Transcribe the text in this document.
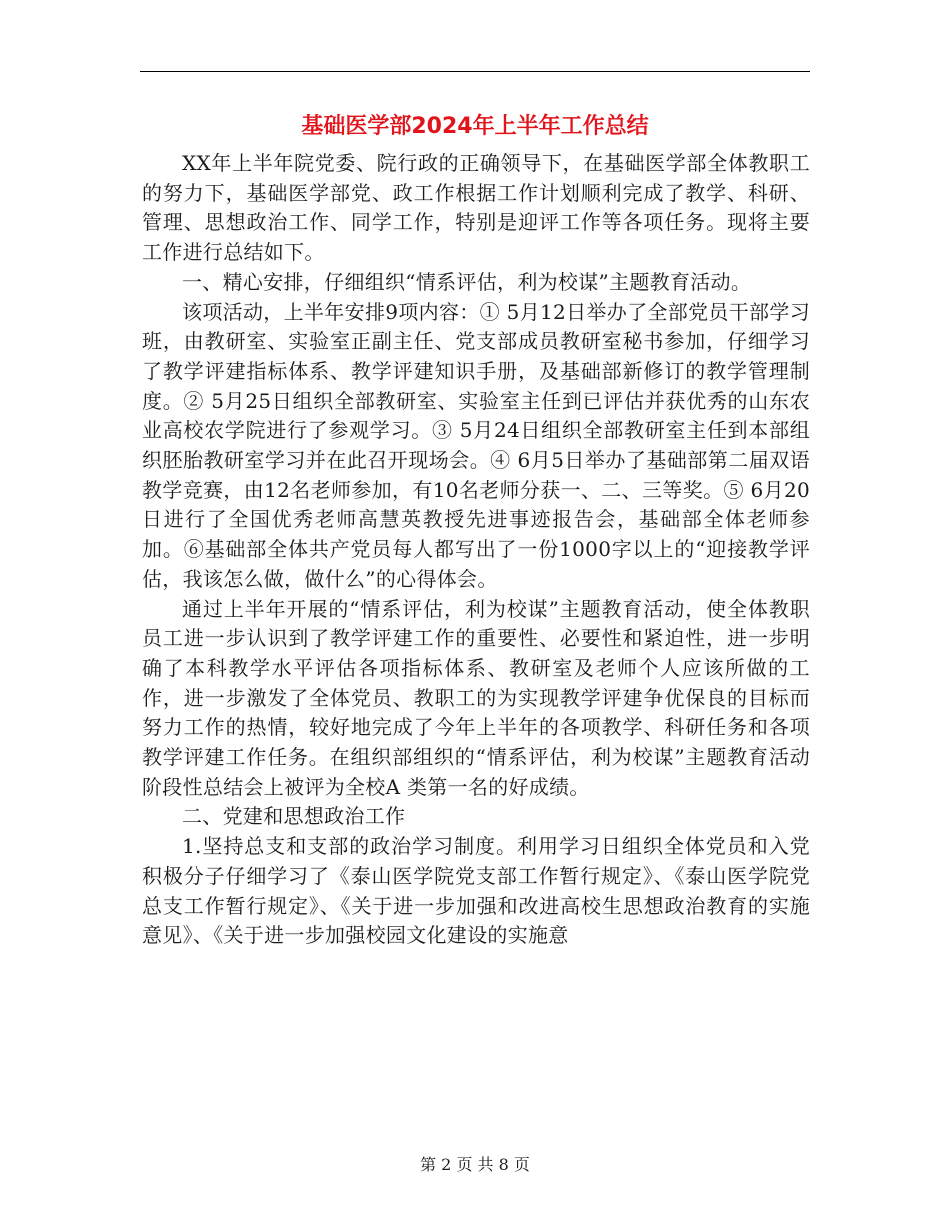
基础医学部2024年上半年工作总结

XX年上半年院党委、院行政的正确领导下，在基础医学部全体教职工的努力下，基础医学部党、政工作根据工作计划顺利完成了教学、科研、管理、思想政治工作、同学工作，特别是迎评工作等各项任务。现将主要工作进行总结如下。

一、精心安排，仔细组织“情系评估，利为校谋”主题教育活动。

该项活动，上半年安排9项内容：① 5月12日举办了全部党员干部学习班，由教研室、实验室正副主任、党支部成员教研室秘书参加，仔细学习了教学评建指标体系、教学评建知识手册，及基础部新修订的教学管理制度。② 5月25日组织全部教研室、实验室主任到已评估并获优秀的山东农业高校农学院进行了参观学习。③ 5月24日组织全部教研室主任到本部组织胚胎教研室学习并在此召开现场会。④ 6月5日举办了基础部第二届双语教学竞赛，由12名老师参加，有10名老师分获一、二、三等奖。⑤ 6月20日进行了全国优秀老师高慧英教授先进事迹报告会，基础部全体老师参加。⑥基础部全体共产党员每人都写出了一份1000字以上的“迎接教学评估，我该怎么做，做什么”的心得体会。

通过上半年开展的“情系评估，利为校谋”主题教育活动，使全体教职员工进一步认识到了教学评建工作的重要性、必要性和紧迫性，进一步明确了本科教学水平评估各项指标体系、教研室及老师个人应该所做的工作，进一步激发了全体党员、教职工的为实现教学评建争优保良的目标而努力工作的热情，较好地完成了今年上半年的各项教学、科研任务和各项教学评建工作任务。在组织部组织的“情系评估，利为校谋”主题教育活动阶段性总结会上被评为全校A 类第一名的好成绩。

二、党建和思想政治工作

1.坚持总支和支部的政治学习制度。利用学习日组织全体党员和入党积极分子仔细学习了《泰山医学院党支部工作暂行规定》、《泰山医学院党总支工作暂行规定》、《关于进一步加强和改进高校生思想政治教育的实施意见》、《关于进一步加强校园文化建设的实施意

第 2 页 共 8 页
